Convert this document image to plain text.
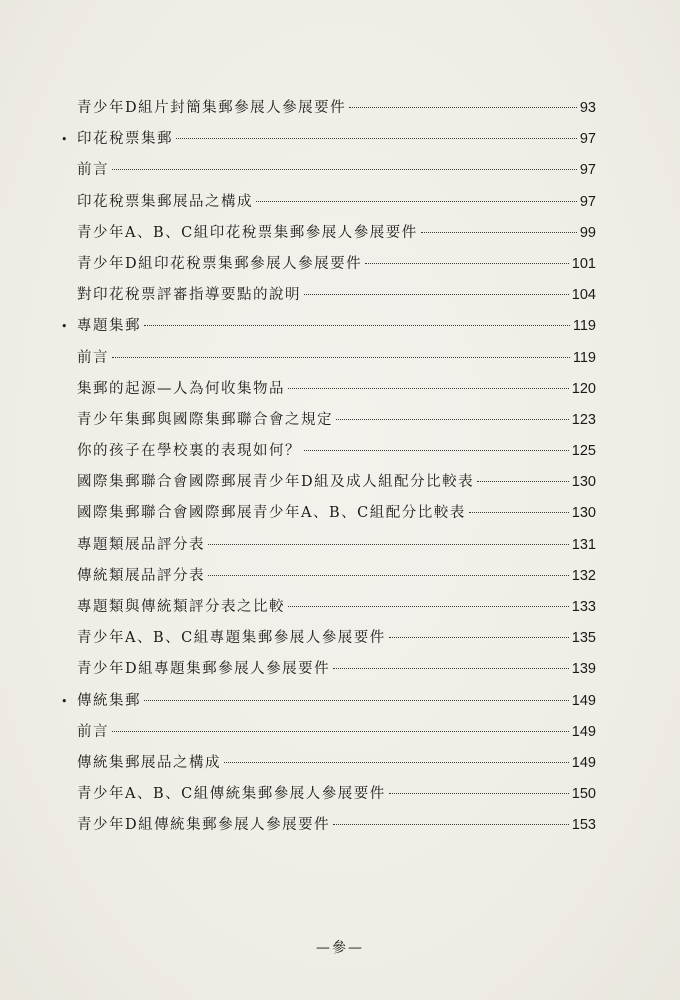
青少年D組片封簡集郵參展人參展要件	93
• 印花稅票集郵	97
前言	97
印花稅票集郵展品之構成	97
青少年A、B、C組印花稅票集郵參展人參展要件	99
青少年D組印花稅票集郵參展人參展要件	101
對印花稅票評審指導要點的說明	104
• 專題集郵	119
前言	119
集郵的起源—人為何收集物品	120
青少年集郵與國際集郵聯合會之規定	123
你的孩子在學校裏的表現如何？	125
國際集郵聯合會國際郵展青少年D組及成人組配分比較表	130
國際集郵聯合會國際郵展青少年A、B、C組配分比較表	130
專題類展品評分表	131
傳統類展品評分表	132
專題類與傳統類評分表之比較	133
青少年A、B、C組專題集郵參展人參展要件	135
青少年D組專題集郵參展人參展要件	139
• 傳統集郵	149
前言	149
傳統集郵展品之構成	149
青少年A、B、C組傳統集郵參展人參展要件	150
青少年D組傳統集郵參展人參展要件	153
—參—
